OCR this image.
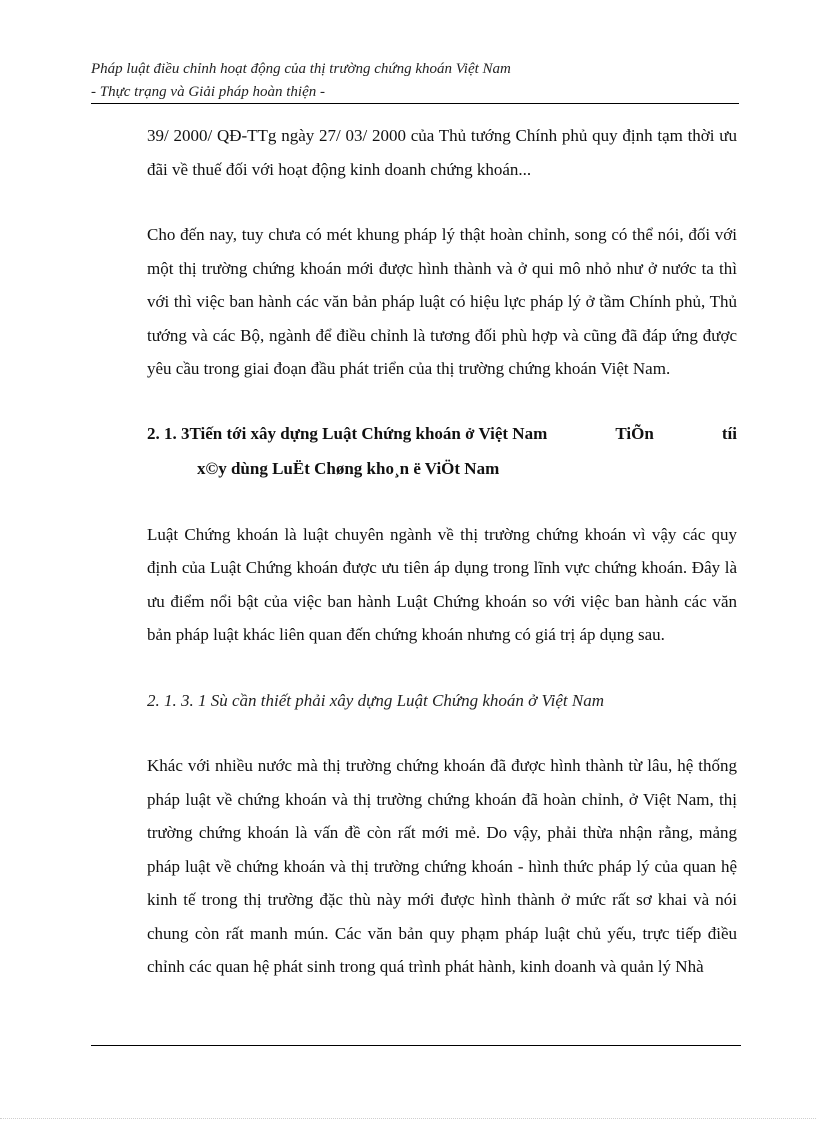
Pháp luật điều chỉnh hoạt động của thị trường chứng khoán Việt Nam
- Thực trạng và Giải pháp hoàn thiện -

39/ 2000/ QĐ-TTg ngày 27/ 03/ 2000 của Thủ tướng Chính phủ quy định tạm thời ưu đãi về thuế đối với hoạt động kinh doanh chứng khoán...

Cho đến nay, tuy chưa có mét khung pháp lý thật hoàn chỉnh, song có thể nói, đối với một thị trường chứng khoán mới được hình thành và ở qui mô nhỏ như ở nước ta thì với thì việc ban hành các văn bản pháp luật có hiệu lực pháp lý ở tầm Chính phủ, Thủ tướng và các Bộ, ngành để điều chỉnh là tương đối phù hợp và cũng đã đáp ứng được yêu cầu trong giai đoạn đầu phát triển của thị trường chứng khoán Việt Nam.

2. 1. 3Tiến tới xây dựng Luật Chứng khoán ở Việt Nam	TiÕn	tíi
x©y dùng LuËt Chøng kho¸n ë ViÖt Nam

Luật Chứng khoán là luật chuyên ngành về thị trường chứng khoán vì vậy các quy định của Luật Chứng khoán được ưu tiên áp dụng trong lĩnh vực chứng khoán. Đây là ưu điểm nổi bật của việc ban hành Luật Chứng khoán so với việc ban hành các văn bản pháp luật khác liên quan đến chứng khoán nhưng có giá trị áp dụng sau.

2. 1. 3. 1 Sù cần thiết phải xây dựng Luật Chứng khoán ở Việt Nam

Khác với nhiều nước mà thị trường chứng khoán đã được hình thành từ lâu, hệ thống pháp luật về chứng khoán và thị trường chứng khoán đã hoàn chỉnh, ở Việt Nam, thị trường chứng khoán là vấn đề còn rất mới mẻ. Do vậy, phải thừa nhận rằng, mảng pháp luật về chứng khoán và thị trường chứng khoán - hình thức pháp lý của quan hệ kinh tế trong thị trường đặc thù này mới được hình thành ở mức rất sơ khai và nói chung còn rất manh mún. Các văn bản quy phạm pháp luật chủ yếu, trực tiếp điều chỉnh các quan hệ phát sinh trong quá trình phát hành, kinh doanh và quản lý Nhà
